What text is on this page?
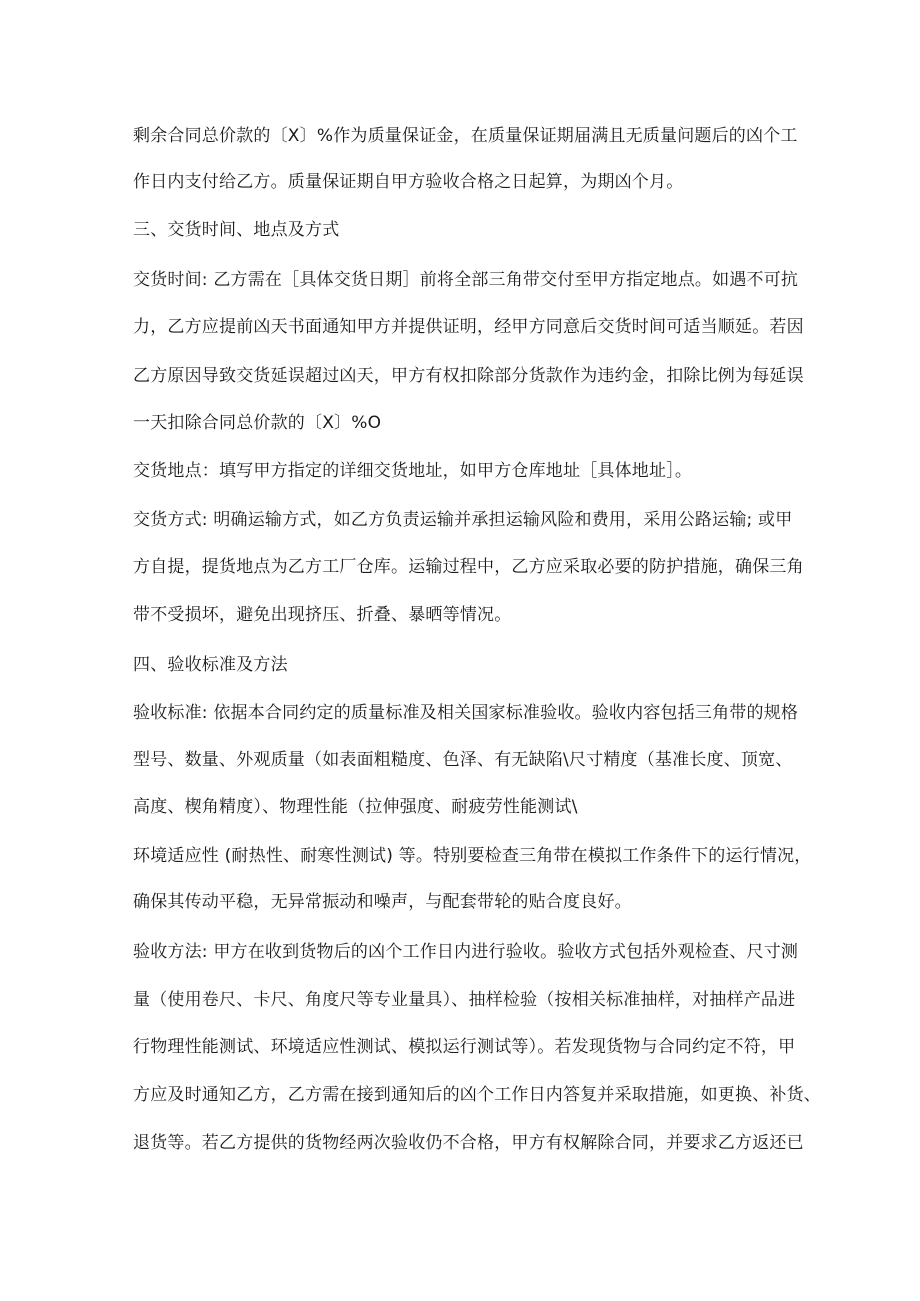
剩余合同总价款的〔X〕%作为质量保证金，在质量保证期届满且无质量问题后的凶个工
作日内支付给乙方。质量保证期自甲方验收合格之日起算，为期凶个月。
三、交货时间、地点及方式
交货时间: 乙方需在［具体交货日期］前将全部三角带交付至甲方指定地点。如遇不可抗
力，乙方应提前凶天书面通知甲方并提供证明，经甲方同意后交货时间可适当顺延。若因
乙方原因导致交货延误超过凶天，甲方有权扣除部分货款作为违约金，扣除比例为每延误
一天扣除合同总价款的〔X〕%O
交货地点：填写甲方指定的详细交货地址，如甲方仓库地址［具体地址］。
交货方式: 明确运输方式，如乙方负责运输并承担运输风险和费用，采用公路运输; 或甲
方自提，提货地点为乙方工厂仓库。运输过程中，乙方应采取必要的防护措施，确保三角
带不受损坏，避免出现挤压、折叠、暴晒等情况。
四、验收标准及方法
验收标准: 依据本合同约定的质量标准及相关国家标准验收。验收内容包括三角带的规格
型号、数量、外观质量（如表面粗糙度、色泽、有无缺陷\尺寸精度（基准长度、顶宽、
高度、楔角精度）、物理性能（拉伸强度、耐疲劳性能测试\
环境适应性 (耐热性、耐寒性测试) 等。特别要检查三角带在模拟工作条件下的运行情况，
确保其传动平稳，无异常振动和噪声，与配套带轮的贴合度良好。
验收方法: 甲方在收到货物后的凶个工作日内进行验收。验收方式包括外观检查、尺寸测
量（使用卷尺、卡尺、角度尺等专业量具）、抽样检验（按相关标准抽样，对抽样产品进
行物理性能测试、环境适应性测试、模拟运行测试等）。若发现货物与合同约定不符，甲
方应及时通知乙方，乙方需在接到通知后的凶个工作日内答复并采取措施，如更换、补货、
退货等。若乙方提供的货物经两次验收仍不合格，甲方有权解除合同，并要求乙方返还已
